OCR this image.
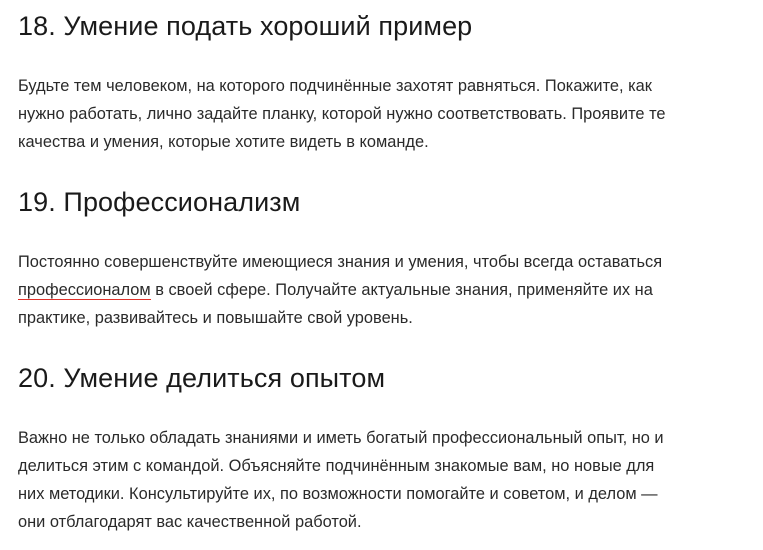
18. Умение подать хороший пример

Будьте тем человеком, на которого подчинённые захотят равняться. Покажите, как
нужно работать, лично задайте планку, которой нужно соответствовать. Проявите те
качества и умения, которые хотите видеть в команде.

19. Профессионализм

Постоянно совершенствуйте имеющиеся знания и умения, чтобы всегда оставаться
профессионалом в своей сфере. Получайте актуальные знания, применяйте их на
практике, развивайтесь и повышайте свой уровень.

20. Умение делиться опытом

Важно не только обладать знаниями и иметь богатый профессиональный опыт, но и
делиться этим с командой. Объясняйте подчинённым знакомые вам, но новые для
них методики. Консультируйте их, по возможности помогайте и советом, и делом —
они отблагодарят вас качественной работой.
